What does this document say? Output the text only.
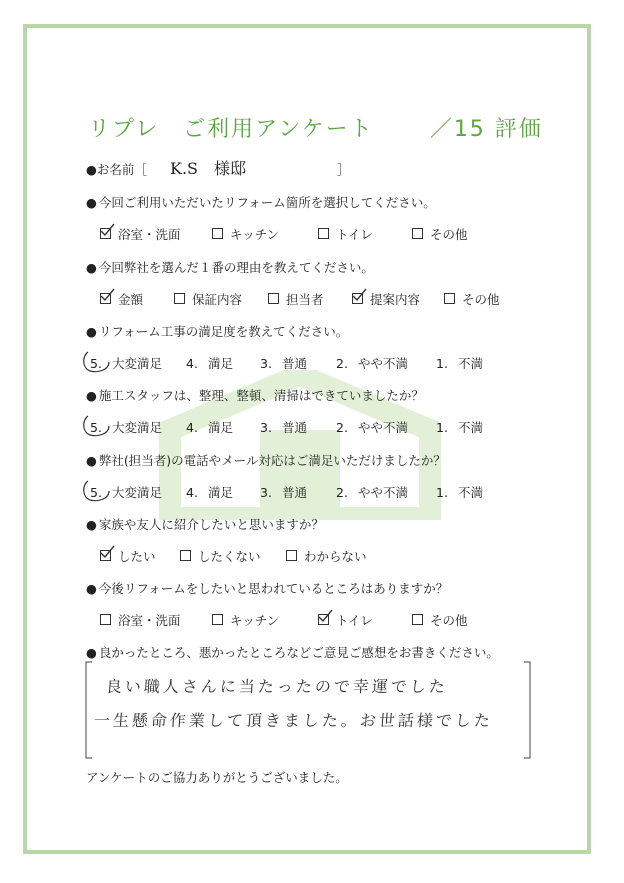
リプレ　ご利用アンケート	／15 評価
●お名前［ K.S　様邸	］
● 今回ご利用いただいたリフォーム箇所を選択してください。
浴室・洗面	キッチン	トイレ	その他
● 今回弊社を選んだ１番の理由を教えてください。
金額	保証内容	担当者	提案内容	その他
● リフォーム工事の満足度を教えてください。
5. 大変満足 4. 満足 3. 普通 2. やや不満 1. 不満
● 施工スタッフは、整理、整頓、清掃はできていましたか？
5. 大変満足 4. 満足 3. 普通 2. やや不満 1. 不満
● 弊社(担当者)の電話やメール対応はご満足いただけましたか？
5. 大変満足 4. 満足 3. 普通 2. やや不満 1. 不満
● 家族や友人に紹介したいと思いますか？
したい	したくない	わからない
● 今後リフォームをしたいと思われているところはありますか？
浴室・洗面	キッチン	トイレ	その他
● 良かったところ、悪かったところなどご意見ご感想をお書きください。
良い職人さんに当たったので幸運でした
一生懸命作業して頂きました。お世話様でした
アンケートのご協力ありがとうございました。
